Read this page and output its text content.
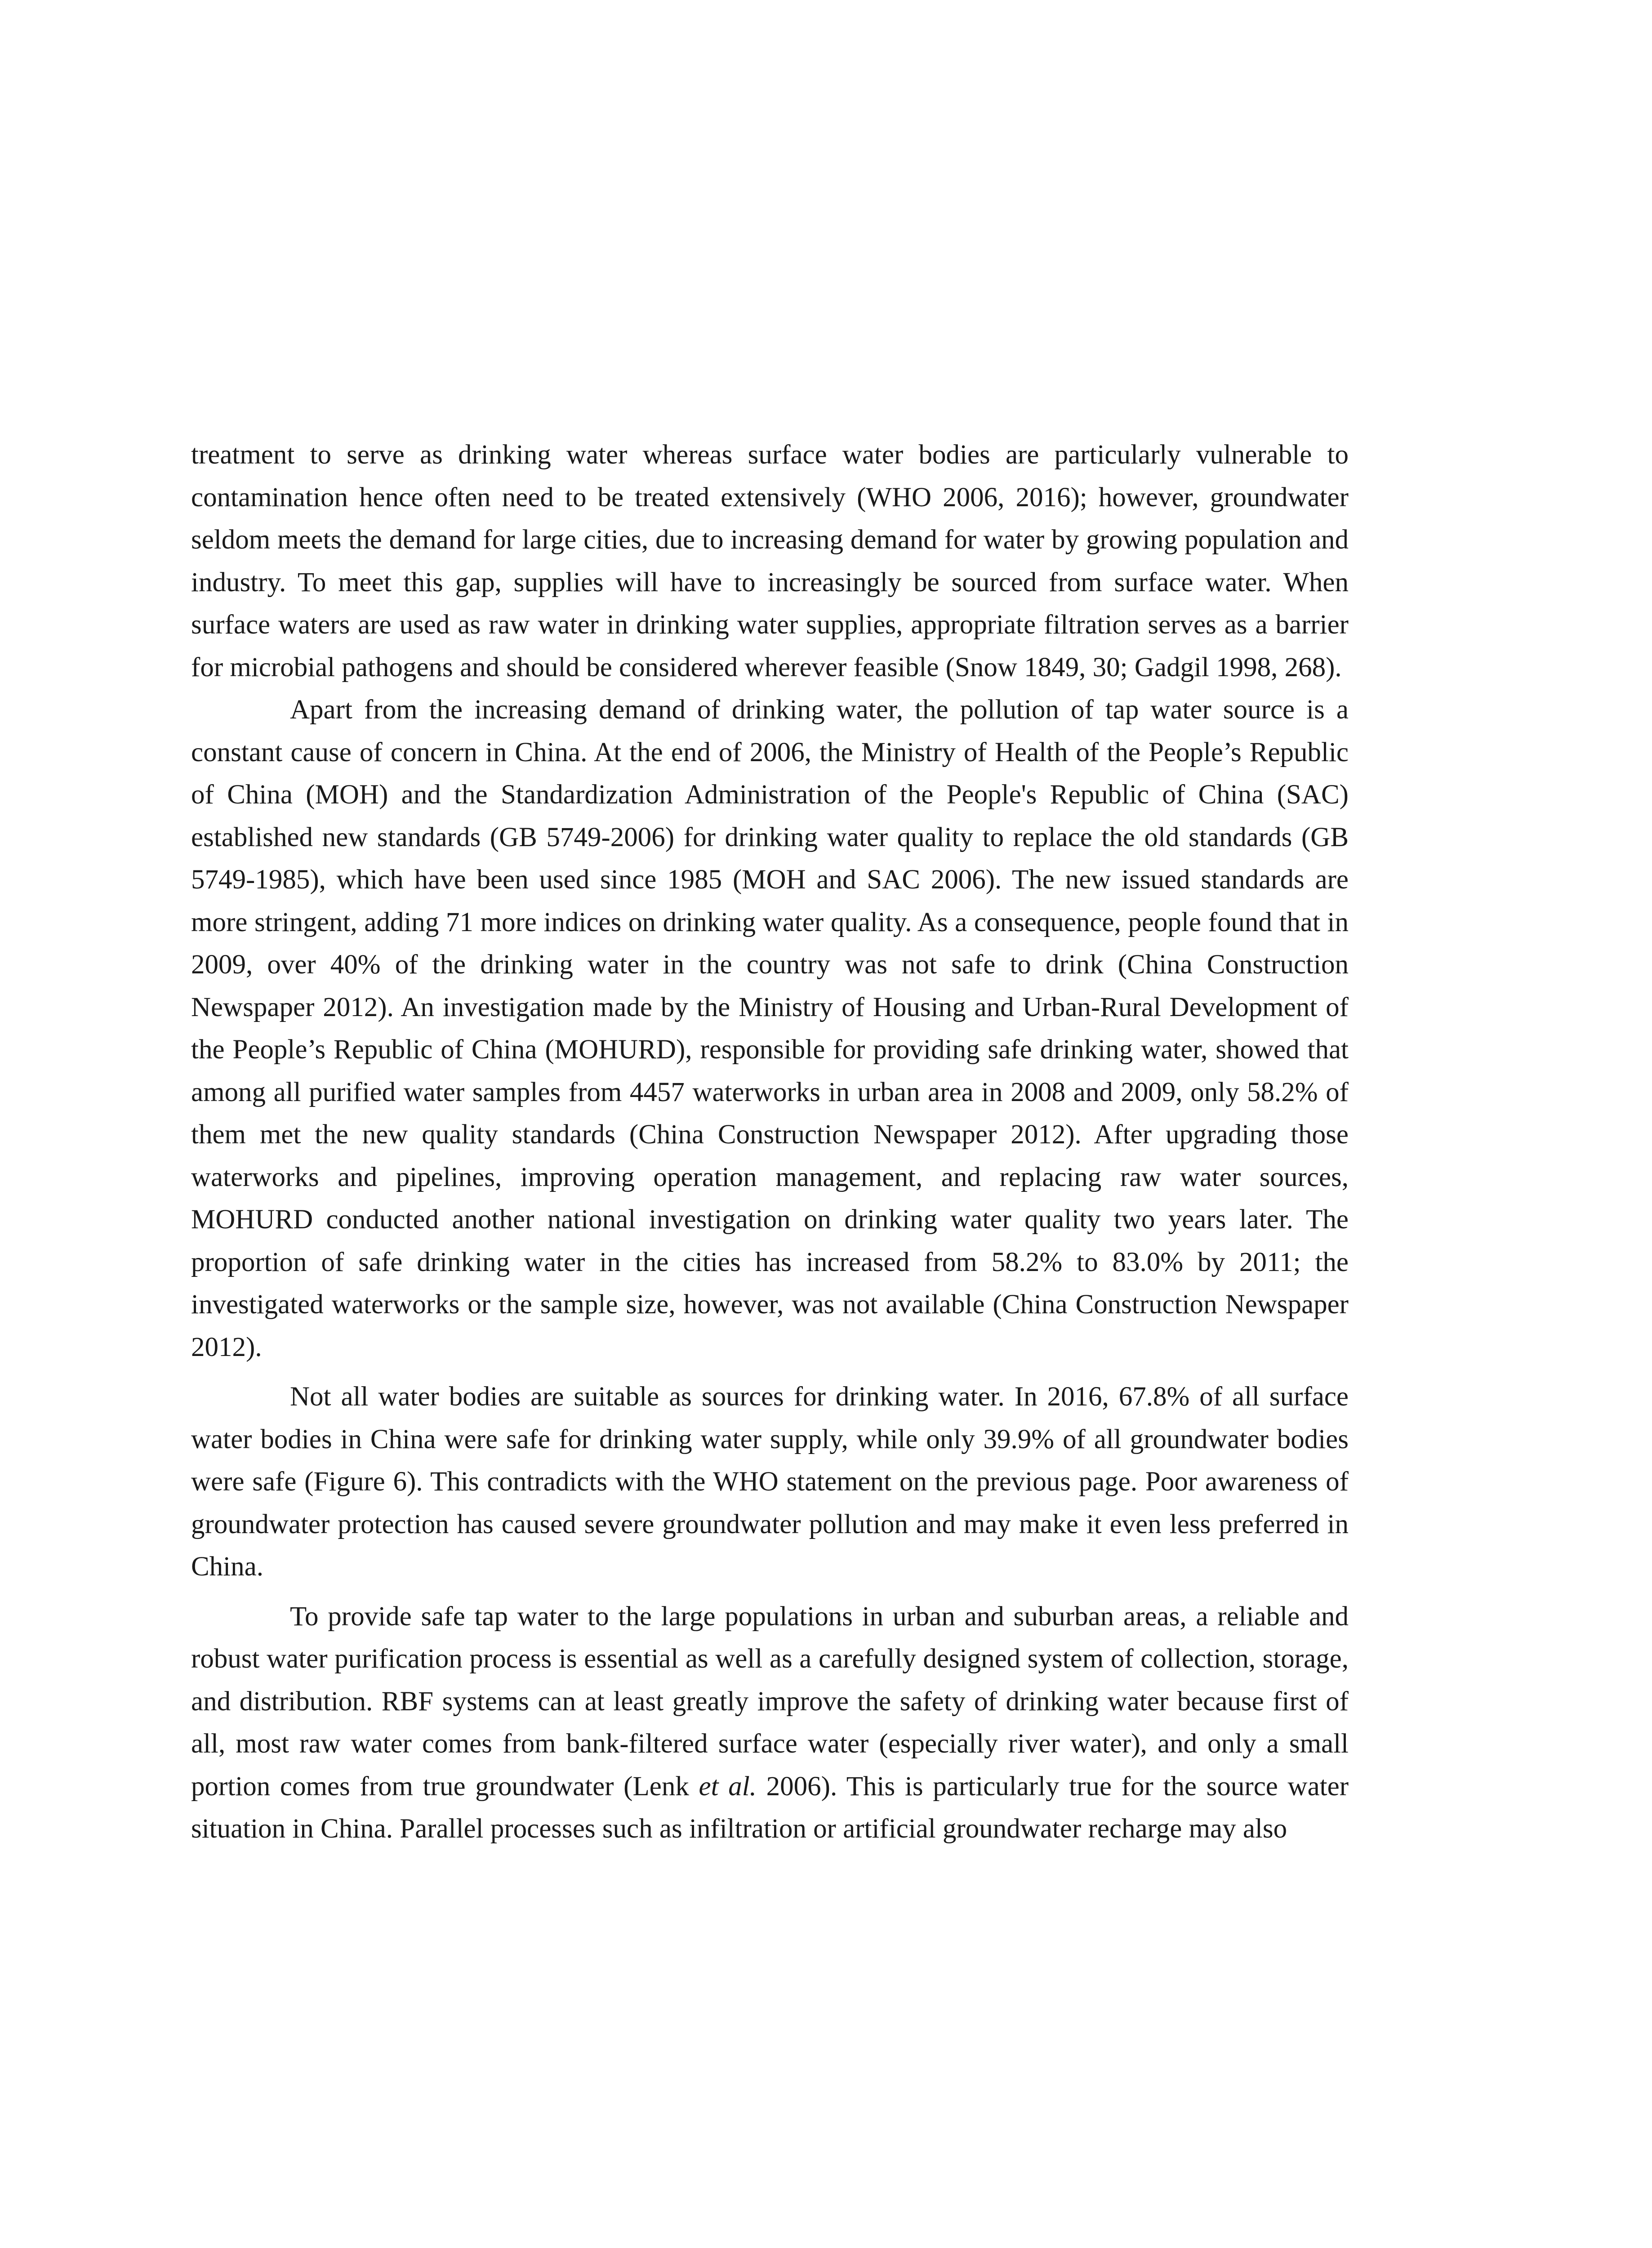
treatment to serve as drinking water whereas surface water bodies are particularly vulnerable to contamination hence often need to be treated extensively (WHO 2006, 2016); however, groundwater seldom meets the demand for large cities, due to increasing demand for water by growing population and industry. To meet this gap, supplies will have to increasingly be sourced from surface water. When surface waters are used as raw water in drinking water supplies, appropriate filtration serves as a barrier for microbial pathogens and should be considered wherever feasible (Snow 1849, 30; Gadgil 1998, 268).

Apart from the increasing demand of drinking water, the pollution of tap water source is a constant cause of concern in China. At the end of 2006, the Ministry of Health of the People’s Republic of China (MOH) and the Standardization Administration of the People's Republic of China (SAC) established new standards (GB 5749-2006) for drinking water quality to replace the old standards (GB 5749-1985), which have been used since 1985 (MOH and SAC 2006). The new issued standards are more stringent, adding 71 more indices on drinking water quality. As a consequence, people found that in 2009, over 40% of the drinking water in the country was not safe to drink (China Construction Newspaper 2012). An investigation made by the Ministry of Housing and Urban-Rural Development of the People’s Republic of China (MOHURD), responsible for providing safe drinking water, showed that among all purified water samples from 4457 waterworks in urban area in 2008 and 2009, only 58.2% of them met the new quality standards (China Construction Newspaper 2012). After upgrading those waterworks and pipelines, improving operation management, and replacing raw water sources, MOHURD conducted another national investigation on drinking water quality two years later. The proportion of safe drinking water in the cities has increased from 58.2% to 83.0% by 2011; the investigated waterworks or the sample size, however, was not available (China Construction Newspaper 2012).

Not all water bodies are suitable as sources for drinking water. In 2016, 67.8% of all surface water bodies in China were safe for drinking water supply, while only 39.9% of all groundwater bodies were safe (Figure 6). This contradicts with the WHO statement on the previous page. Poor awareness of groundwater protection has caused severe groundwater pollution and may make it even less preferred in China.

To provide safe tap water to the large populations in urban and suburban areas, a reliable and robust water purification process is essential as well as a carefully designed system of collection, storage, and distribution. RBF systems can at least greatly improve the safety of drinking water because first of all, most raw water comes from bank-filtered surface water (especially river water), and only a small portion comes from true groundwater (Lenk et al. 2006). This is particularly true for the source water situation in China. Parallel processes such as infiltration or artificial groundwater recharge may also
